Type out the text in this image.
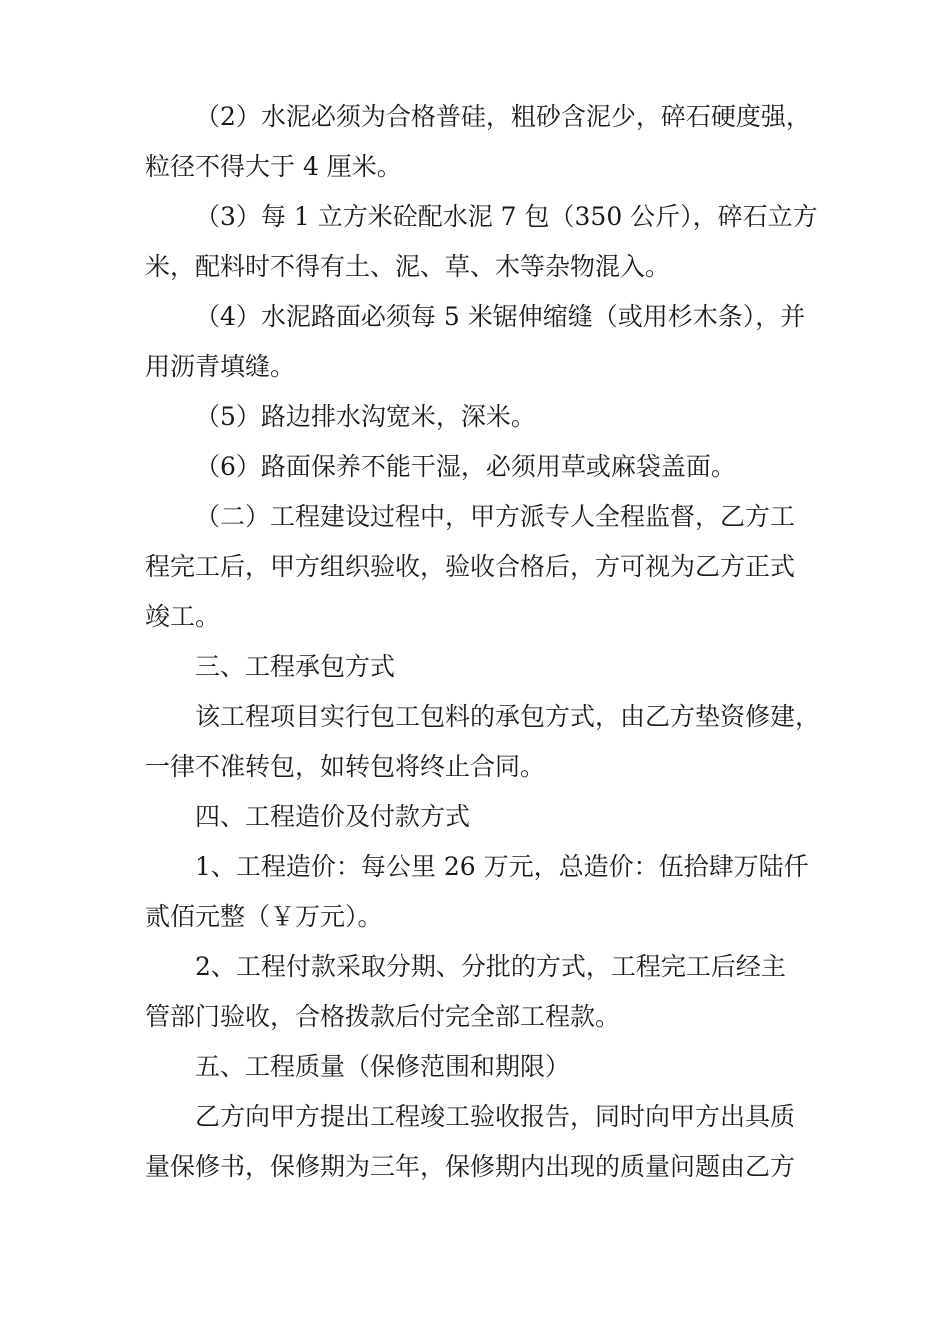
（2）水泥必须为合格普硅，粗砂含泥少，碎石硬度强，
粒径不得大于 4 厘米。
（3）每 1 立方米砼配水泥 7 包（350 公斤），碎石立方
米，配料时不得有土、泥、草、木等杂物混入。
（4）水泥路面必须每 5 米锯伸缩缝（或用杉木条），并
用沥青填缝。
（5）路边排水沟宽米，深米。
（6）路面保养不能干湿，必须用草或麻袋盖面。
（二）工程建设过程中，甲方派专人全程监督，乙方工
程完工后，甲方组织验收，验收合格后，方可视为乙方正式
竣工。
三、工程承包方式
该工程项目实行包工包料的承包方式，由乙方垫资修建，
一律不准转包，如转包将终止合同。
四、工程造价及付款方式
1、工程造价：每公里 26 万元，总造价：伍拾肆万陆仟
贰佰元整（￥万元）。
2、工程付款采取分期、分批的方式，工程完工后经主
管部门验收，合格拨款后付完全部工程款。
五、工程质量（保修范围和期限）
乙方向甲方提出工程竣工验收报告，同时向甲方出具质
量保修书，保修期为三年，保修期内出现的质量问题由乙方
